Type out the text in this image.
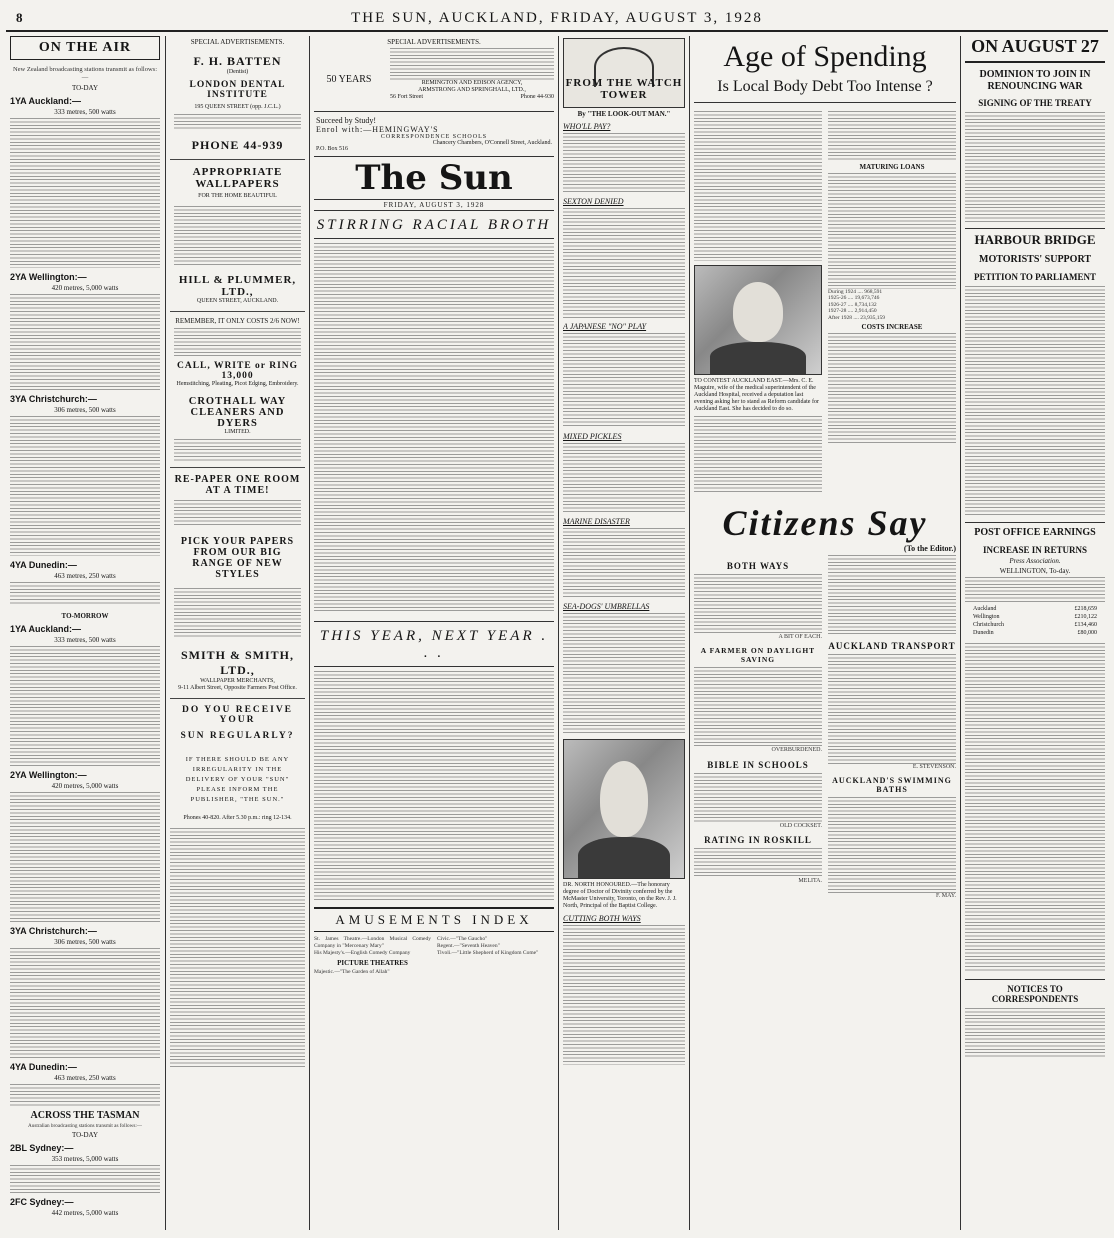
8	THE SUN, AUCKLAND, FRIDAY, AUGUST 3, 1928
ON THE AIR
New Zealand broadcasting stations transmit as follows:—
TO-DAY
1YA Auckland:—
333 metres, 500 watts
2YA Wellington:—
420 metres, 5,000 watts
3YA Christchurch:—
306 metres, 500 watts
4YA Dunedin:—
463 metres, 250 watts
TO-MORROW
1YA Auckland:—
333 metres, 500 watts
2YA Wellington:—
420 metres, 5,000 watts
3YA Christchurch:—
306 metres, 500 watts
4YA Dunedin:—
463 metres, 250 watts
ACROSS THE TASMAN
Australian broadcasting stations transmit as follows:—
TO-DAY
2BL Sydney:—
353 metres, 5,000 watts
2FC Sydney:—
442 metres, 5,000 watts
SPECIAL ADVERTISEMENTS.
F. H. BATTEN
(Dentist)
LONDON DENTAL INSTITUTE
195 QUEEN STREET (opp. J.C.L.)
PHONE 44-939
APPROPRIATE WALLPAPERS
FOR THE HOME BEAUTIFUL
HILL & PLUMMER, LTD.,
QUEEN STREET, AUCKLAND.
REMEMBER, IT ONLY COSTS 2/6 NOW!
CALL, WRITE or RING 13,000
Hemstitching, Pleating, Picot Edging, Embroidery.
CROTHALL WAY CLEANERS AND DYERS
LIMITED.
RE-PAPER ONE ROOM AT A TIME!
PICK YOUR PAPERS FROM OUR BIG RANGE OF NEW STYLES
SMITH & SMITH, LTD.,
WALLPAPER MERCHANTS,
9-11 Albert Street, Opposite Farmers Post Office.
DO YOU RECEIVE YOUR
SUN REGULARLY?
IF THERE SHOULD BE ANY IRREGULARITY IN THE DELIVERY OF YOUR "SUN" PLEASE INFORM THE PUBLISHER, "THE SUN."
Phones 40-820. After 5.30 p.m.: ring 12-134.
SPECIAL ADVERTISEMENTS.
50 YEARS	REMINGTON AND EDISON AGENCY,
ARMSTRONG AND SPRINGHALL, LTD.,
56 Fort Street	Phone 44-930
Succeed by Study!
Enrol with:—HEMINGWAY'S
CORRESPONDENCE SCHOOLS
Chancery Chambers, O'Connell Street, Auckland.
P.O. Box 516
The Sun
FRIDAY, AUGUST 3, 1928
STIRRING RACIAL BROTH
THIS YEAR, NEXT YEAR . . .
AMUSEMENTS INDEX
St. James Theatre.—London Musical Comedy Company in "Mercenary Mary"
His Majesty's.—English Comedy Company
PICTURE THEATRES
Majestic.—"The Garden of Allah"
Civic.—"The Gaucho"
Regent.—"Seventh Heaven"
Tivoli.—"Little Shepherd of Kingdom Come"
FROM THE WATCH TOWER
By "THE LOOK-OUT MAN."
WHO'LL PAY?
SEXTON DENIED
A JAPANESE "NO" PLAY
MIXED PICKLES
MARINE DISASTER
SEA-DOGS' UMBRELLAS
DR. NORTH HONOURED.—The honorary degree of Doctor of Divinity conferred by the McMaster University, Toronto, on the Rev. J. J. North, Principal of the Baptist College.
CUTTING BOTH WAYS
Age of Spending
Is Local Body Debt Too Intense ?
TO CONTEST AUCKLAND EAST.—Mrs. C. E. Maguire, wife of the medical superintendent of the Auckland Hospital, received a deputation last evening asking her to stand as Reform candidate for Auckland East. She has decided to do so.
MATURING LOANS
During 1924 .... 968,591
1925-26 .... 19,673,746
1926-27 .... 8,734,132
1927-28 .... 2,914,450
After 1928 .... 23,935,159
COSTS INCREASE
Citizens Say
(To the Editor.)
BOTH WAYS
A BIT OF EACH.
A FARMER ON DAYLIGHT SAVING
OVERBURDENED.
BIBLE IN SCHOOLS
OLD COCKSET.
RATING IN ROSKILL
MELITA.
AUCKLAND TRANSPORT
E. STEVENSON.
AUCKLAND'S SWIMMING BATHS
F. MAY.
ON AUGUST 27
DOMINION TO JOIN IN RENOUNCING WAR
SIGNING OF THE TREATY
HARBOUR BRIDGE
MOTORISTS' SUPPORT
PETITION TO PARLIAMENT
POST OFFICE EARNINGS
INCREASE IN RETURNS
Press Association.
WELLINGTON, To-day.
Auckland	£218,659
Wellington	£210,122
Christchurch	£134,460
Dunedin	£80,000
NOTICES TO CORRESPONDENTS
